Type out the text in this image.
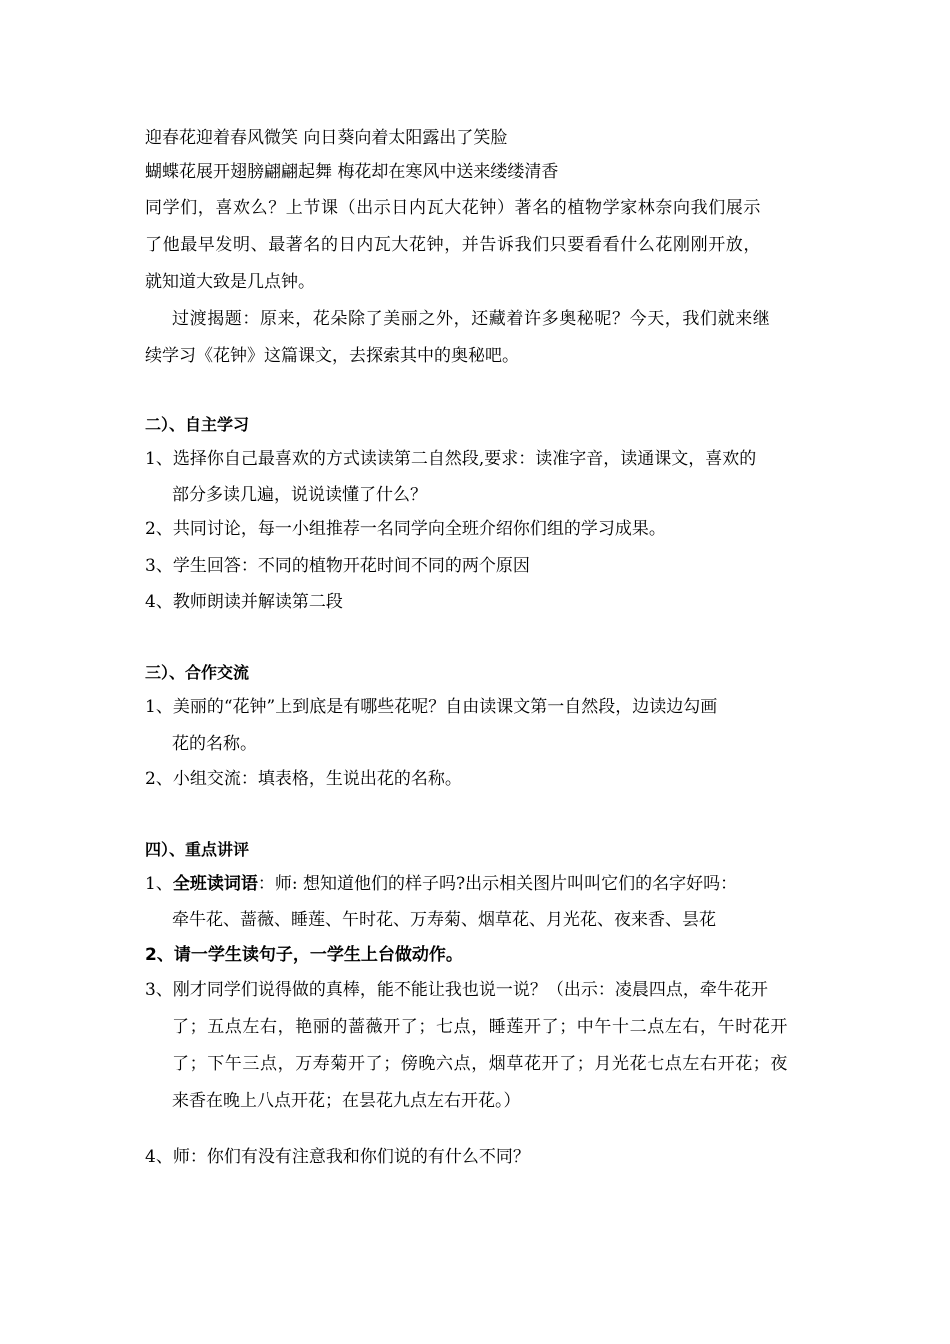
迎春花迎着春风微笑 向日葵向着太阳露出了笑脸
蝴蝶花展开翅膀翩翩起舞 梅花却在寒风中送来缕缕清香
同学们，喜欢么？上节课（出示日内瓦大花钟）著名的植物学家林奈向我们展示
了他最早发明、最著名的日内瓦大花钟，并告诉我们只要看看什么花刚刚开放，
就知道大致是几点钟。
过渡揭题：原来，花朵除了美丽之外，还藏着许多奥秘呢？今天，我们就来继
续学习《花钟》这篇课文，去探索其中的奥秘吧。
二）、自主学习
1、选择你自己最喜欢的方式读读第二自然段,要求：读准字音，读通课文，喜欢的
部分多读几遍，说说读懂了什么？
2、共同讨论，每一小组推荐一名同学向全班介绍你们组的学习成果。
3、学生回答：不同的植物开花时间不同的两个原因
4、教师朗读并解读第二段
三）、合作交流
1、美丽的“花钟”上到底是有哪些花呢？自由读课文第一自然段，边读边勾画
花的名称。
2、小组交流：填表格，生说出花的名称。
四）、重点讲评
1、全班读词语：师: 想知道他们的样子吗?出示相关图片叫叫它们的名字好吗：
牵牛花、蔷薇、睡莲、午时花、万寿菊、烟草花、月光花、夜来香、昙花
2、请一学生读句子，一学生上台做动作。
3、刚才同学们说得做的真棒，能不能让我也说一说？（出示：凌晨四点，牵牛花开
了；五点左右，艳丽的蔷薇开了；七点，睡莲开了；中午十二点左右，午时花开
了；下午三点，万寿菊开了；傍晚六点，烟草花开了；月光花七点左右开花；夜
来香在晚上八点开花；在昙花九点左右开花。）
4、师：你们有没有注意我和你们说的有什么不同？
